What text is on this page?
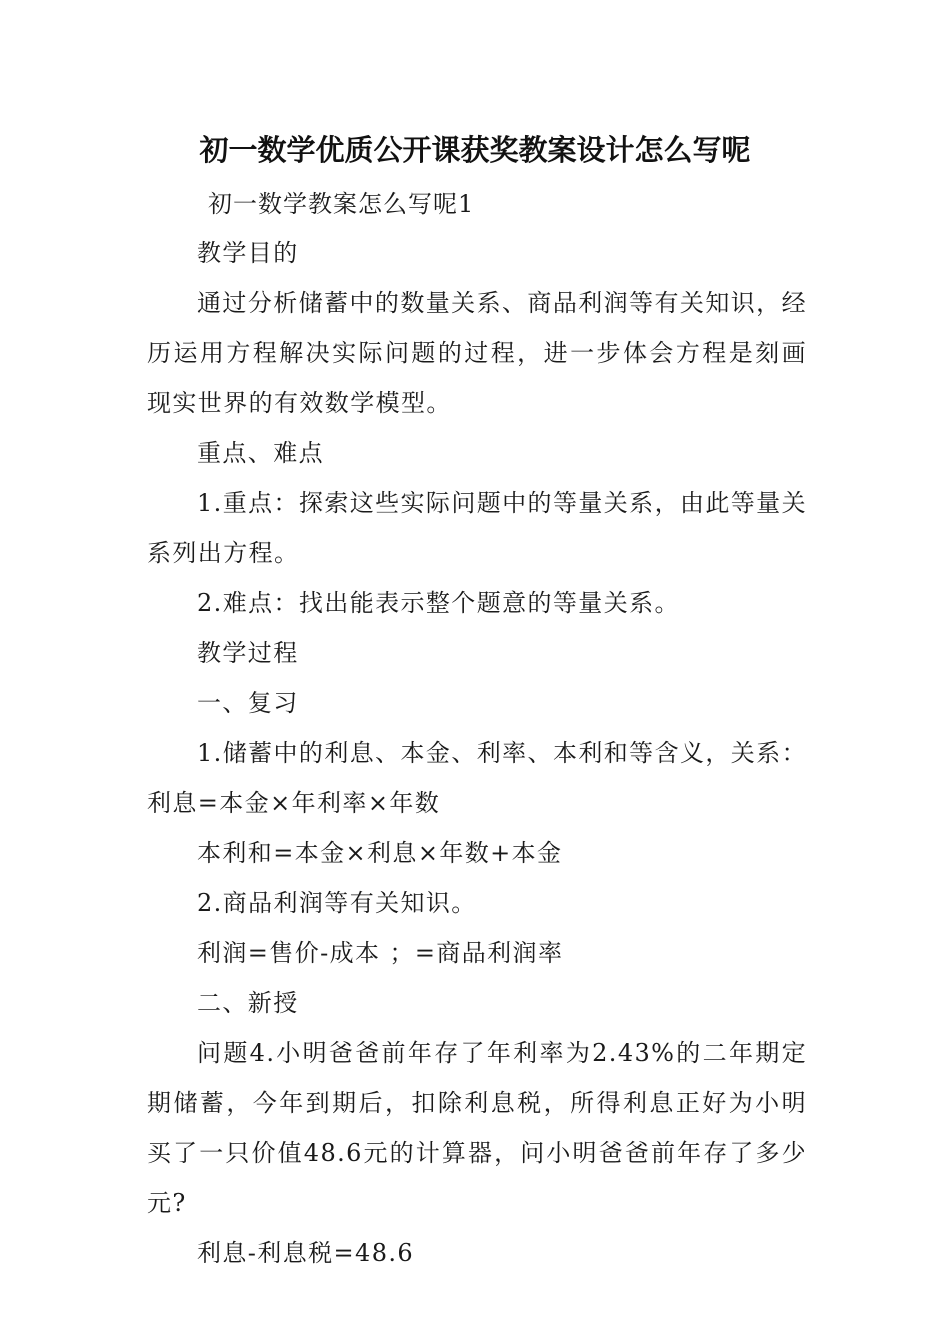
初一数学优质公开课获奖教案设计怎么写呢
初一数学教案怎么写呢1

教学目的

通过分析储蓄中的数量关系、商品利润等有关知识，经历运用方程解决实际问题的过程，进一步体会方程是刻画现实世界的有效数学模型。

重点、难点

1.重点：探索这些实际问题中的等量关系，由此等量关系列出方程。

2.难点：找出能表示整个题意的等量关系。

教学过程

一、复习

1.储蓄中的利息、本金、利率、本利和等含义，关系：利息=本金×年利率×年数

本利和=本金×利息×年数+本金

2.商品利润等有关知识。

利润=售价-成本 ；=商品利润率

二、新授

问题4.小明爸爸前年存了年利率为2.43%的二年期定期储蓄，今年到期后，扣除利息税，所得利息正好为小明买了一只价值48.6元的计算器，问小明爸爸前年存了多少元?

利息-利息税=48.6
